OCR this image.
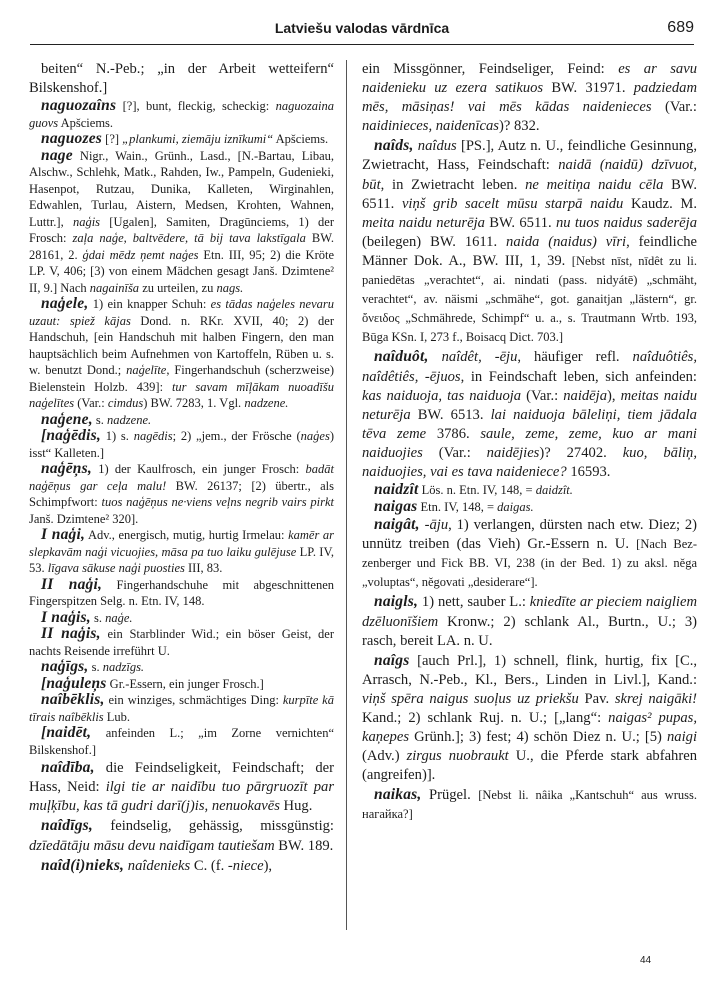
Latviešu valodas vārdnīca	689

beiten“ N.-Peb.; „in der Arbeit wetteifern“ Bilskenshof.]

naguozaîns [?], bunt, fleckig, scheckig: naguozaina guovs Apšciems.

naguozes [?] „plankumi, ziemāju iznīkumi“ Apšciems.

nage Nigr., Wain., Grünh., Lasd., [N.-Bartau, Libau, Alschw., Schlehk, Matk., Rahden, Iw., Pampeln, Gudenieki, Hasenpot, Rutzau, Dunika, Kalleten, Wirginahlen, Edwahlen, Turlau, Aistern, Medsen, Krohten, Wahnen, Luttr.], naģis [Ugalen], Samiten, Dragūnciems, 1) der Frosch: zaļa naģe, baltvēdere, tā bij tava lakstīgala BW. 28161, 2. ģdai mēdz ņemt naģes Etn. III, 95; 2) die Kröte LP. V, 406; [3) von einem Mädchen gesagt Janš. Dzimtene² II, 9.] Nach nagainīša zu urteilen, zu nags.

naģele, 1) ein knapper Schuh: es tādas naģeles nevaru uzaut: spiež kājas Dond. n. RKr. XVII, 40; 2) der Handschuh, [ein Handschuh mit halben Fingern, den man hauptsächlich beim Aufnehmen von Kartoffeln, Rüben u. s. w. benutzt Dond.; naģelīte, Fingerhandschuh (scherzweise) Bielenstein Holzb. 439]: tur savam mīļākam nuoadīšu naģelītes (Var.: cimdus) BW. 7283, 1. Vgl. nadzene.

naģene, s. nadzene.

[naģēdis, 1) s. nagēdis; 2) „jem., der Frösche (naģes) isst“ Kalleten.]

naģēņs, 1) der Kaulfrosch, ein junger Frosch: badāt naģēņus gar ceļa malu! BW. 26137; [2) übertr., als Schimpfwort: tuos naģēņus ne·viens veļns negrib vairs pirkt Janš. Dzimtene² 320].

I naģi, Adv., energisch, mutig, hurtig Irmelau: kamēr ar slepkavām naģi vicuojies, māsa pa tuo laiku gulējuse LP. IV, 53. līgava sākuse naģi puosties III, 83.

II naģi, Fingerhandschuhe mit abgeschnittenen Fingerspitzen Selg. n. Etn. IV, 148.

I naģis, s. naģe.

II naģis, ein Starblinder Wid.; ein böser Geist, der nachts Reisende irreführt U.

naģīgs, s. nadzīgs.

[naģuleņs Gr.-Essern, ein junger Frosch.]

naîbēklis, ein winziges, schmächtiges Ding: kurpīte kā tīrais naîbēklis Lub.

[naidēt, anfeinden L.; „im Zorne vernichten“ Bilskenshof.]

naîdība, die Feindseligkeit, Feindschaft; der Hass, Neid: ilgi tie ar naidību tuo pārgruozīt par muļķību, kas tā gudri darī(j)is, nenuokavēs Hug.

naîdīgs, feindselig, gehässig, missgünstig: dzīedātāju māsu devu naidīgam tautiešam BW. 189.

naîd(i)nieks, naîdenieks C. (f. -niece),

ein Missgönner, Feindseliger, Feind: es ar savu naidenieku uz ezera satikuos BW. 31971. padziedam mēs, māsiņas! vai mēs kādas naidenieces (Var.: naidinieces, naidenīcas)? 832.

naîds, naîdus [PS.], Autz n. U., feindliche Gesinnung, Zwietracht, Hass, Feindschaft: naidā (naidū) dzīvuot, būt, in Zwietracht leben. ne meitiņa naidu cēla BW. 6511. viņš grib sacelt mūsu starpā naidu Kaudz. M. meita naidu neturēja BW. 6511. nu tuos naidus saderēja (beilegen) BW. 1611. naida (naidus) vīri, feindliche Männer Dok. A., BW. III, 1, 39. [Nebst nīst, nīdêt zu li. paniedētas „verachtet“, ai. nindati (pass. nidyátē) „schmäht, verachtet“, av. näismi „schmähe“, got. ganaitjan „lästern“, gr. ὄνειδος „Schmährede, Schimpf“ u. a., s. Trautmann Wrtb. 193, Būga KSn. I, 273 f., Boisacq Dict. 703.]

naîduôt, naîdêt, -ēju, häufiger refl. naîduôtiês, naîdêtiês, -ējuos, in Feindschaft leben, sich anfeinden: kas naiduoja, tas naiduoja (Var.: naidēja), meitas naidu neturēja BW. 6513. lai naiduoja bāleliņi, tiem jādala tēva zeme 3786. saule, zeme, zeme, kuo ar mani naiduojies (Var.: naidējies)? 27402. kuo, bāliņ, naiduojies, vai es tava naideniece? 16593.

naidzît Lös. n. Etn. IV, 148, = daidzît.

naigas Etn. IV, 148, = daigas.

naigât, -āju, 1) verlangen, dürsten nach etw. Diez; 2) unnütz treiben (das Vieh) Gr.-Essern n. U. [Nach Bezzenberger und Fick BB. VI, 238 (in der Bed. 1) zu aksl. něga „voluptas“, něgovati „desiderare“].

naigls, 1) nett, sauber L.: kniedīte ar pieciem naigliem dzēluonīšiem Kronw.; 2) schlank Al., Burtn., U.; 3) rasch, bereit LA. n. U.

naîgs [auch Prl.], 1) schnell, flink, hurtig, fix [C., Arrasch, N.-Peb., Kl., Bers., Linden in Livl.], Kand.: viņš spēra naigus suoļus uz priekšu Pav. skrej naigāki! Kand.; 2) schlank Ruj. n. U.; [„lang“: naigas² pupas, kaņepes Grünh.]; 3) fest; 4) schön Diez n. U.; [5) naigi (Adv.) zirgus nuobraukt U., die Pferde stark abfahren (angreifen)].

naikas, Prügel. [Nebst li. nâika „Kantschuh“ aus wruss. нагайка?]

44
